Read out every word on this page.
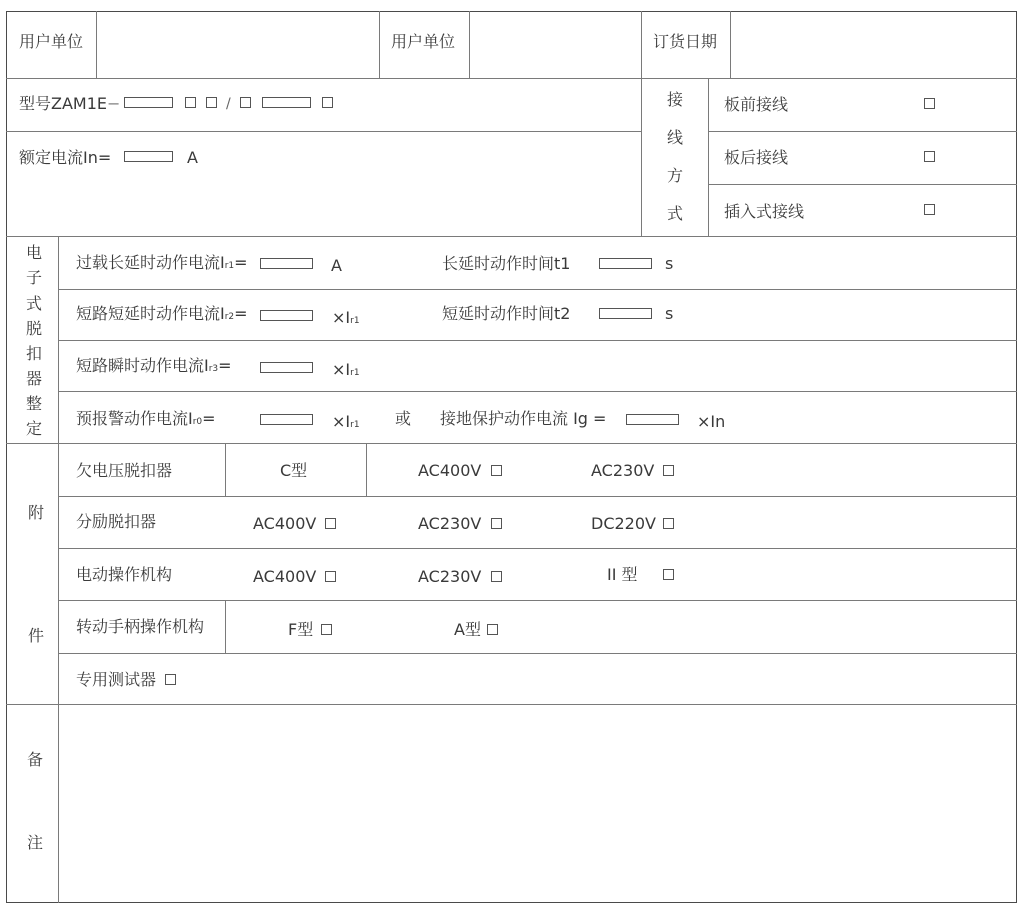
用户单位	用户单位	订货日期
型号ZAM1E −	/
额定电流In=	A
接
线
方
式
板前接线
板后接线
插入式接线
电
子
式
脱
扣
器
整
定
过载长延时动作电流Ir1=	A	长延时动作时间t1	s
短路短延时动作电流Ir2=	×Ir1	短延时动作时间t2	s
短路瞬时动作电流Ir3=	×Ir1
预报警动作电流Ir0=	×Ir1 或 接地保护动作电流 Ig =	×In
附
件
欠电压脱扣器	C型	AC400V	AC230V
分励脱扣器	AC400V	AC230V	DC220V
电动操作机构	AC400V	AC230V	II 型
转动手柄操作机构	F型	A型
专用测试器
备
注
